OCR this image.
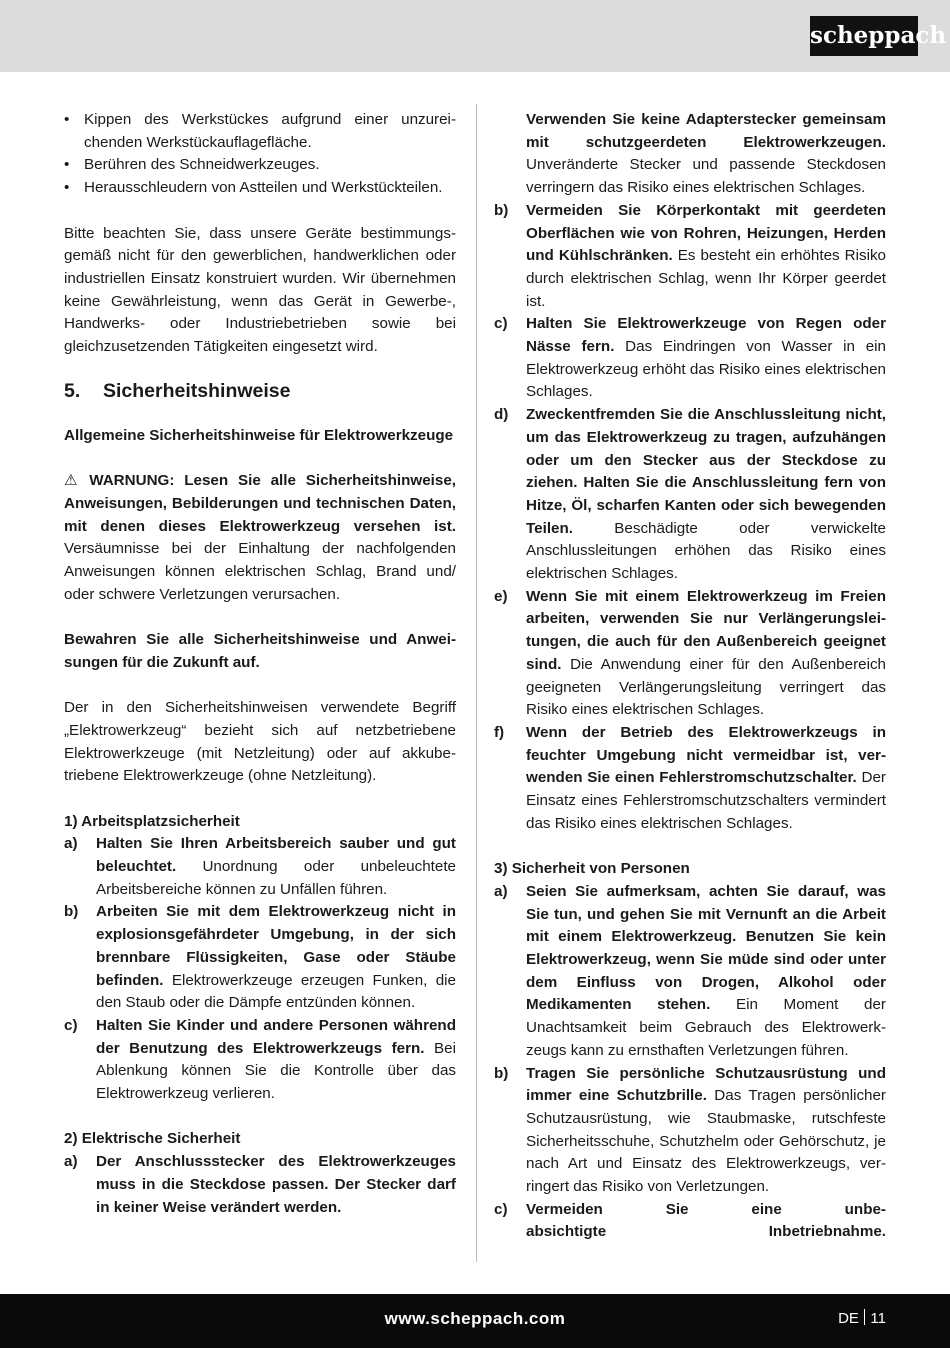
scheppach
• Kippen des Werkstückes aufgrund einer unzureichenden Werkstückauflagefläche.
• Berühren des Schneidwerkzeuges.
• Herausschleudern von Astteilen und Werkstückteilen.

Bitte beachten Sie, dass unsere Geräte bestimmungsgemäß nicht für den gewerblichen, handwerklichen oder industriellen Einsatz konstruiert wurden. Wir übernehmen keine Gewährleistung, wenn das Gerät in Gewerbe-, Handwerks- oder Industriebetrieben sowie bei gleichzusetzenden Tätigkeiten eingesetzt wird.

5. Sicherheitshinweise

Allgemeine Sicherheitshinweise für Elektrowerkzeuge

⚠ WARNUNG: Lesen Sie alle Sicherheitshinweise, Anweisungen, Bebilderungen und technischen Daten, mit denen dieses Elektrowerkzeug versehen ist. Versäumnisse bei der Einhaltung der nachfolgenden Anweisungen können elektrischen Schlag, Brand und/ oder schwere Verletzungen verursachen.

Bewahren Sie alle Sicherheitshinweise und Anweisungen für die Zukunft auf.

Der in den Sicherheitshinweisen verwendete Begriff „Elektrowerkzeug“ bezieht sich auf netzbetriebene Elektrowerkzeuge (mit Netzleitung) oder auf akkubetriebene Elektrowerkzeuge (ohne Netzleitung).

1) Arbeitsplatzsicherheit

a) Halten Sie Ihren Arbeitsbereich sauber und gut beleuchtet. Unordnung oder unbeleuchtete Arbeitsbereiche können zu Unfällen führen.
b) Arbeiten Sie mit dem Elektrowerkzeug nicht in explosionsgefährdeter Umgebung, in der sich brennbare Flüssigkeiten, Gase oder Stäube befinden. Elektrowerkzeuge erzeugen Funken, die den Staub oder die Dämpfe entzünden können.
c) Halten Sie Kinder und andere Personen während der Benutzung des Elektrowerkzeugs fern. Bei Ablenkung können Sie die Kontrolle über das Elektrowerkzeug verlieren.

2) Elektrische Sicherheit

a) Der Anschlussstecker des Elektrowerkzeuges muss in die Steckdose passen. Der Stecker darf in keiner Weise verändert werden.
Verwenden Sie keine Adapterstecker gemeinsam mit schutzgeerdeten Elektrowerkzeugen. Unveränderte Stecker und passende Steckdosen verringern das Risiko eines elektrischen Schlages.
b) Vermeiden Sie Körperkontakt mit geerdeten Oberflächen wie von Rohren, Heizungen, Herden und Kühlschränken. Es besteht ein erhöhtes Risiko durch elektrischen Schlag, wenn Ihr Körper geerdet ist.
c) Halten Sie Elektrowerkzeuge von Regen oder Nässe fern. Das Eindringen von Wasser in ein Elektrowerkzeug erhöht das Risiko eines elektrischen Schlages.
d) Zweckentfremden Sie die Anschlussleitung nicht, um das Elektrowerkzeug zu tragen, aufzuhängen oder um den Stecker aus der Steckdose zu ziehen. Halten Sie die Anschlussleitung fern von Hitze, Öl, scharfen Kanten oder sich bewegenden Teilen. Beschädigte oder verwickelte Anschlussleitungen erhöhen das Risiko eines elektrischen Schlages.
e) Wenn Sie mit einem Elektrowerkzeug im Freien arbeiten, verwenden Sie nur Verlängerungsleitungen, die auch für den Außenbereich geeignet sind. Die Anwendung einer für den Außenbereich geeigneten Verlängerungsleitung verringert das Risiko eines elektrischen Schlages.
f) Wenn der Betrieb des Elektrowerkzeugs in feuchter Umgebung nicht vermeidbar ist, verwenden Sie einen Fehlerstromschutzschalter. Der Einsatz eines Fehlerstromschutzschalters vermindert das Risiko eines elektrischen Schlages.

3) Sicherheit von Personen

a) Seien Sie aufmerksam, achten Sie darauf, was Sie tun, und gehen Sie mit Vernunft an die Arbeit mit einem Elektrowerkzeug. Benutzen Sie kein Elektrowerkzeug, wenn Sie müde sind oder unter dem Einfluss von Drogen, Alkohol oder Medikamenten stehen. Ein Moment der Unachtsamkeit beim Gebrauch des Elektrowerkzeugs kann zu ernsthaften Verletzungen führen.
b) Tragen Sie persönliche Schutzausrüstung und immer eine Schutzbrille. Das Tragen persönlicher Schutzausrüstung, wie Staubmaske, rutschfeste Sicherheitsschuhe, Schutzhelm oder Gehörschutz, je nach Art und Einsatz des Elektrowerkzeugs, verringert das Risiko von Verletzungen.
c) Vermeiden	Sie	eine	unbe-
absichtigte	Inbetriebnahme.
www.scheppach.com	DE 11
